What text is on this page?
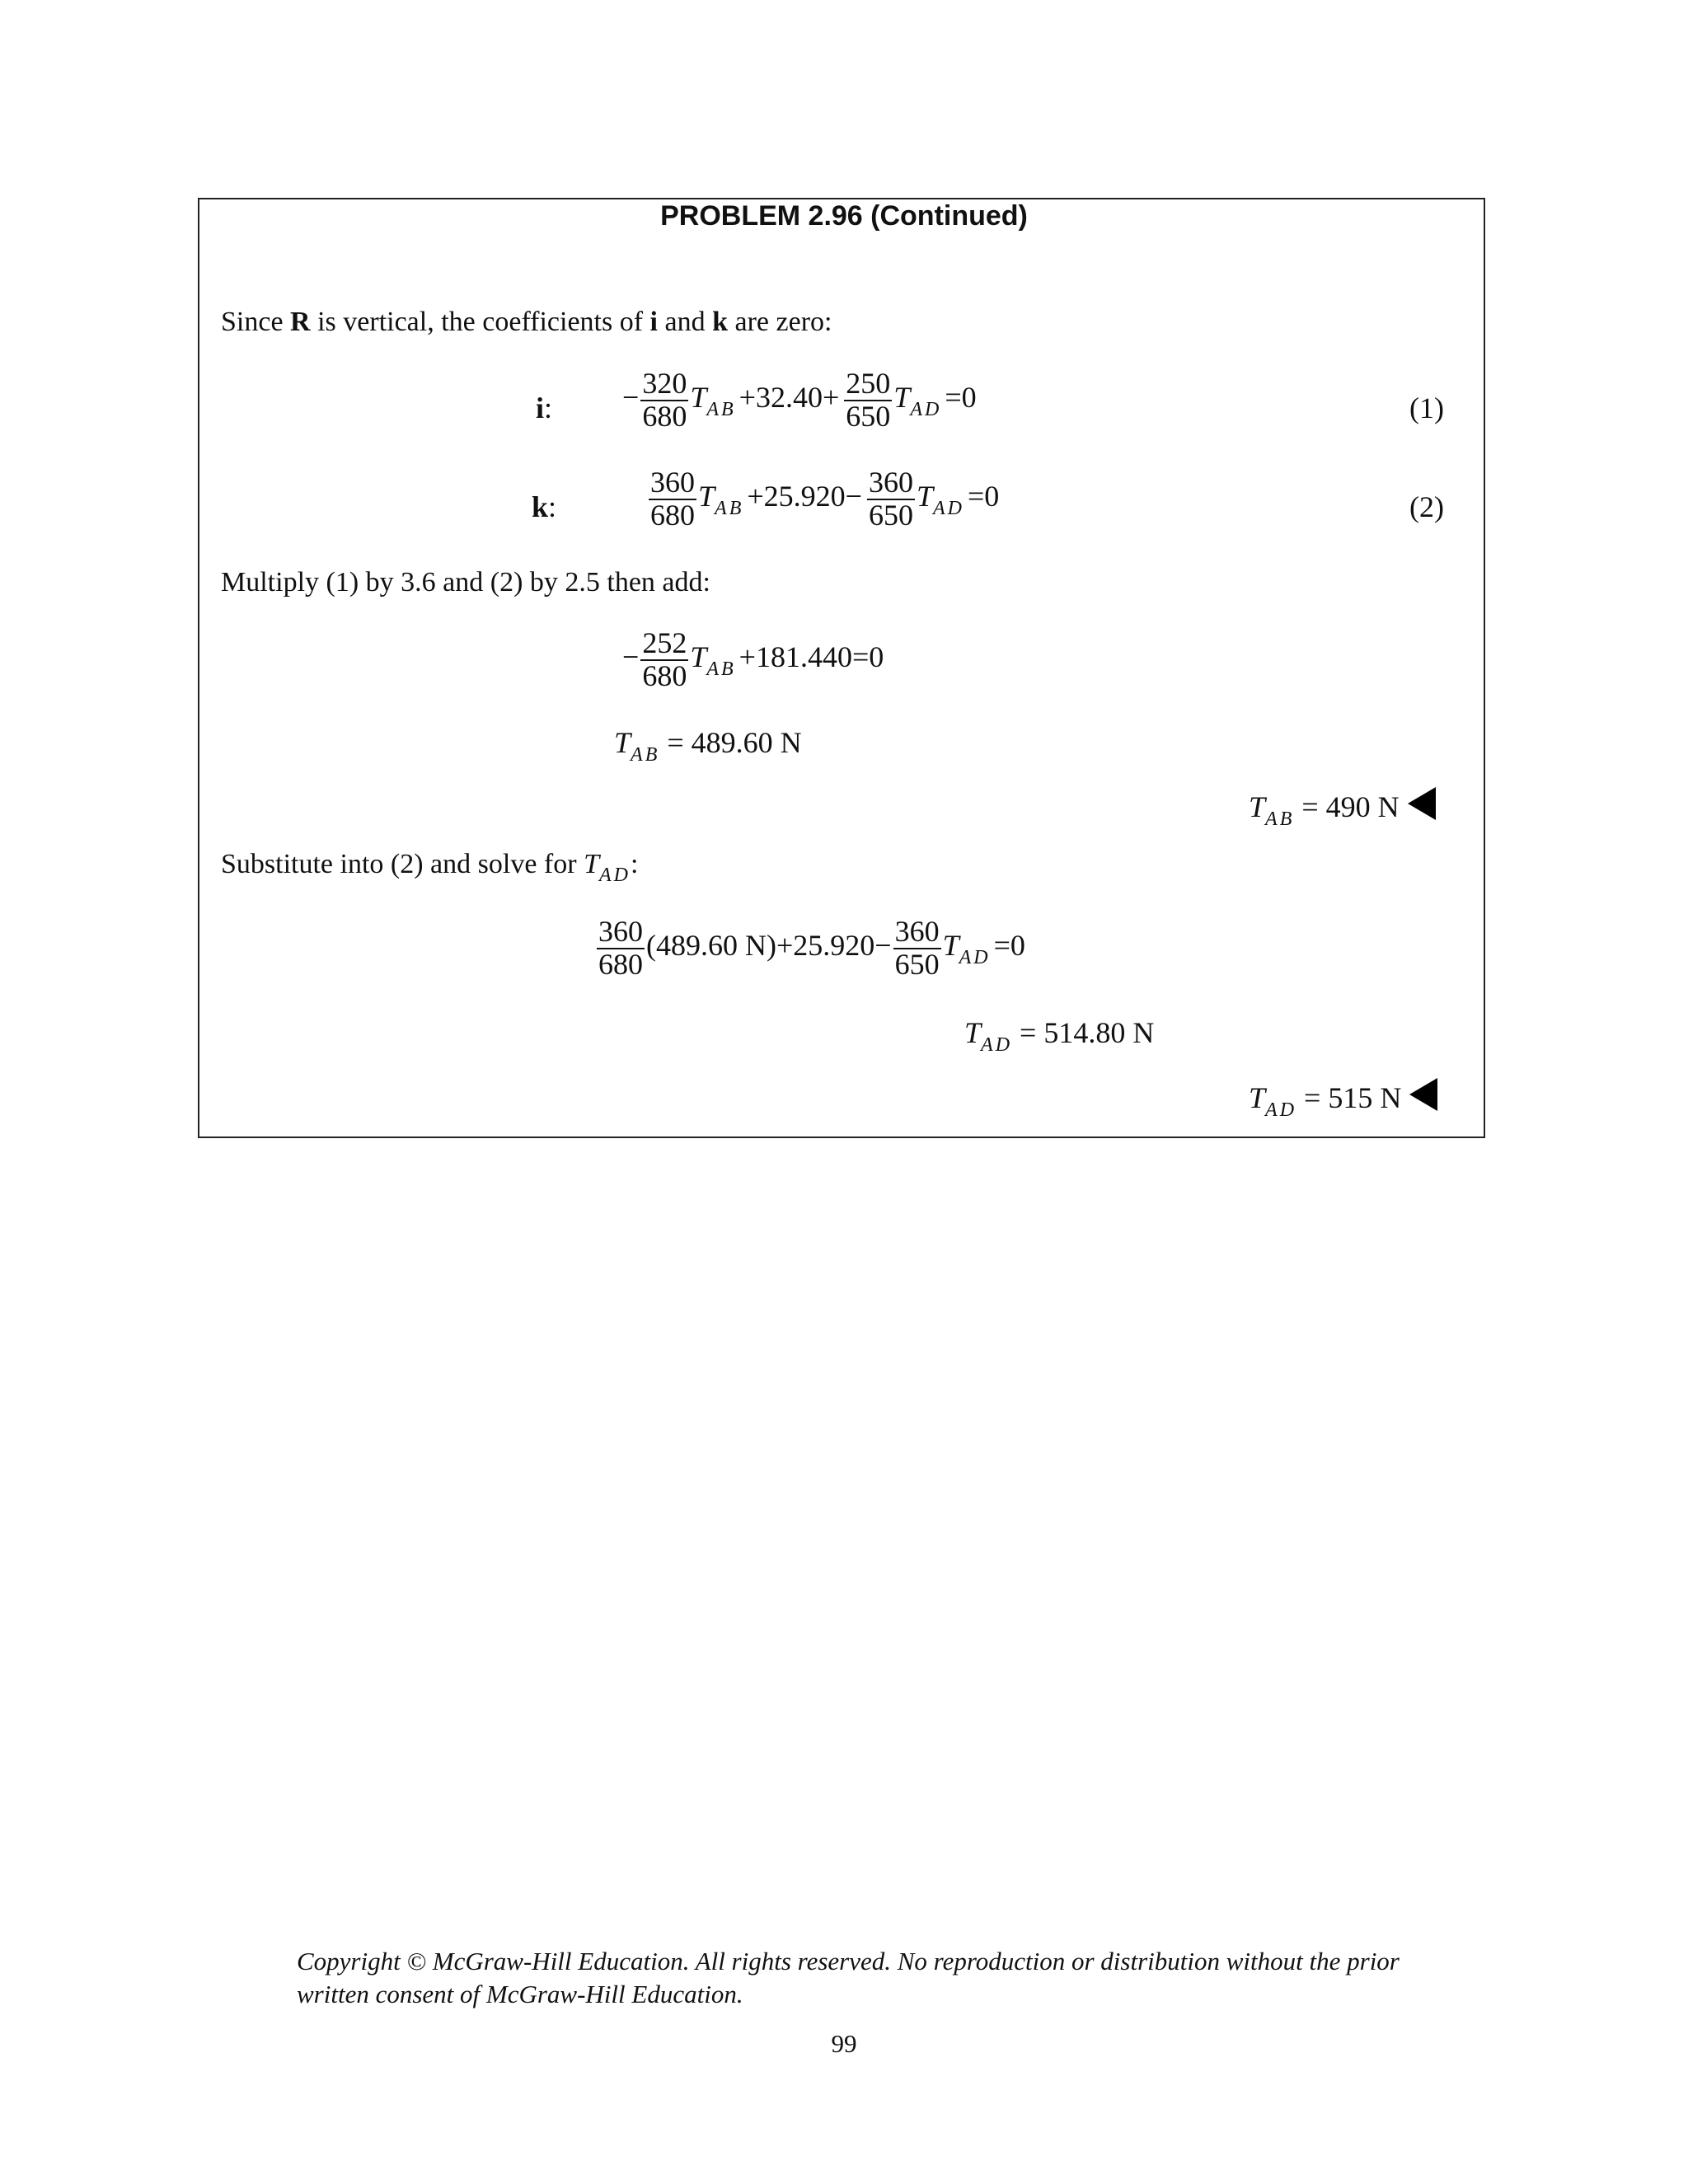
PROBLEM 2.96 (Continued)
Since R is vertical, the coefficients of i and k are zero:
i: − $\frac{320}{680} T_{AB} +32.40+ \frac{250}{650} T_{AD} =0$	(1)
k:	$\frac{360}{680} T_{AB} +25.920- \frac{360}{650} T_{AD} =0$	(2)
Multiply (1) by 3.6 and (2) by 2.5 then add:
− $\frac{252}{680} T_{AB} +181.440=0$
$T_{AB} = 489.60$ N
$T_{AB} = 490$ N
Substitute into (2) and solve for $T_{AD}$:
$\frac{360}{680} (489.60$ $N)+25.920- \frac{360}{650} T_{AD} =0$
$T_{AD} = 514.80$ N
$T_{AD} = 515$ N
Copyright © McGraw-Hill Education. All rights reserved. No reproduction or distribution without the prior
written consent of McGraw-Hill Education.
99
